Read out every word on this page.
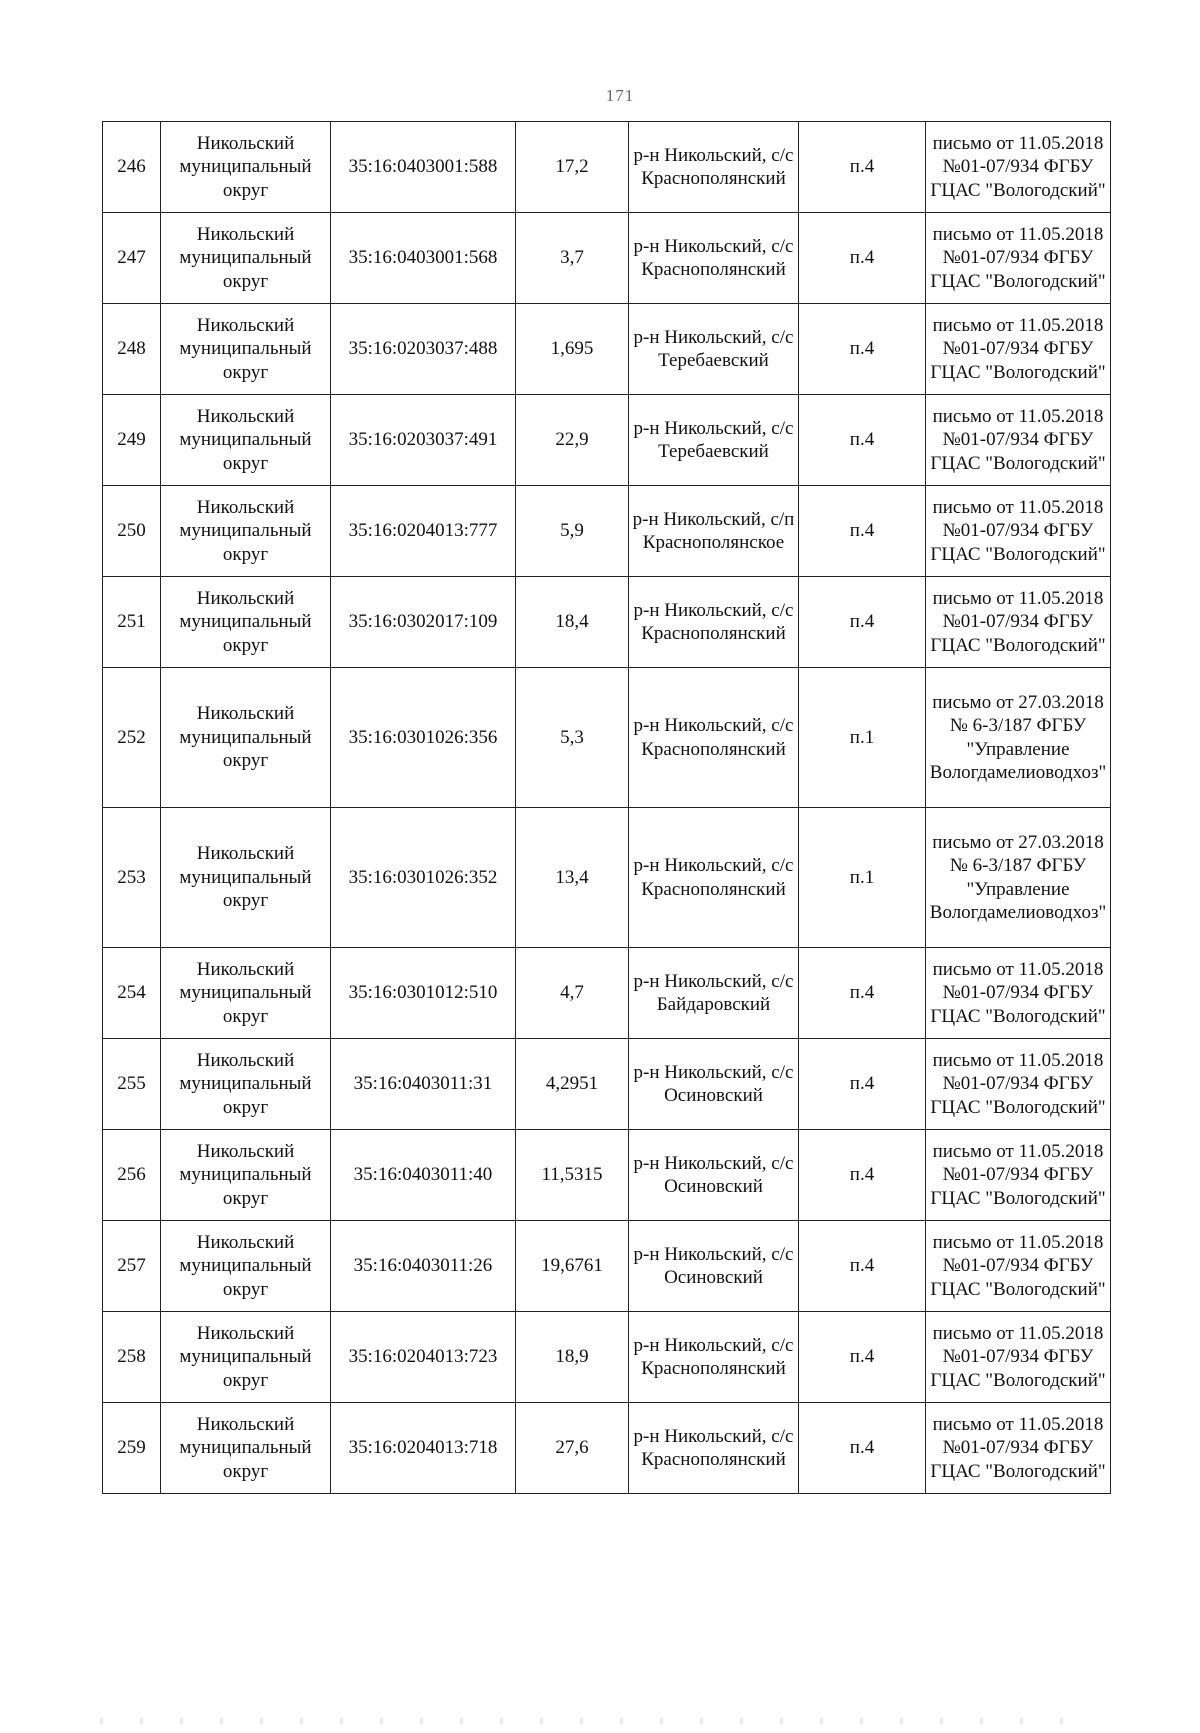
171
246	Никольский муниципальный округ	35:16:0403001:588	17,2	р-н Никольский, с/с Краснополянский	п.4	письмо от 11.05.2018 №01-07/934 ФГБУ ГЦАС "Вологодский"
247	Никольский муниципальный округ	35:16:0403001:568	3,7	р-н Никольский, с/с Краснополянский	п.4	письмо от 11.05.2018 №01-07/934 ФГБУ ГЦАС "Вологодский"
248	Никольский муниципальный округ	35:16:0203037:488	1,695	р-н Никольский, с/с Теребаевский	п.4	письмо от 11.05.2018 №01-07/934 ФГБУ ГЦАС "Вологодский"
249	Никольский муниципальный округ	35:16:0203037:491	22,9	р-н Никольский, с/с Теребаевский	п.4	письмо от 11.05.2018 №01-07/934 ФГБУ ГЦАС "Вологодский"
250	Никольский муниципальный округ	35:16:0204013:777	5,9	р-н Никольский, с/п Краснополянское	п.4	письмо от 11.05.2018 №01-07/934 ФГБУ ГЦАС "Вологодский"
251	Никольский муниципальный округ	35:16:0302017:109	18,4	р-н Никольский, с/с Краснополянский	п.4	письмо от 11.05.2018 №01-07/934 ФГБУ ГЦАС "Вологодский"
252	Никольский муниципальный округ	35:16:0301026:356	5,3	р-н Никольский, с/с Краснополянский	п.1	письмо от 27.03.2018 № 6-3/187 ФГБУ "Управление Вологдамелиоводхоз"
253	Никольский муниципальный округ	35:16:0301026:352	13,4	р-н Никольский, с/с Краснополянский	п.1	письмо от 27.03.2018 № 6-3/187 ФГБУ "Управление Вологдамелиоводхоз"
254	Никольский муниципальный округ	35:16:0301012:510	4,7	р-н Никольский, с/с Байдаровский	п.4	письмо от 11.05.2018 №01-07/934 ФГБУ ГЦАС "Вологодский"
255	Никольский муниципальный округ	35:16:0403011:31	4,2951	р-н Никольский, с/с Осиновский	п.4	письмо от 11.05.2018 №01-07/934 ФГБУ ГЦАС "Вологодский"
256	Никольский муниципальный округ	35:16:0403011:40	11,5315	р-н Никольский, с/с Осиновский	п.4	письмо от 11.05.2018 №01-07/934 ФГБУ ГЦАС "Вологодский"
257	Никольский муниципальный округ	35:16:0403011:26	19,6761	р-н Никольский, с/с Осиновский	п.4	письмо от 11.05.2018 №01-07/934 ФГБУ ГЦАС "Вологодский"
258	Никольский муниципальный округ	35:16:0204013:723	18,9	р-н Никольский, с/с Краснополянский	п.4	письмо от 11.05.2018 №01-07/934 ФГБУ ГЦАС "Вологодский"
259	Никольский муниципальный округ	35:16:0204013:718	27,6	р-н Никольский, с/с Краснополянский	п.4	письмо от 11.05.2018 №01-07/934 ФГБУ ГЦАС "Вологодский"
